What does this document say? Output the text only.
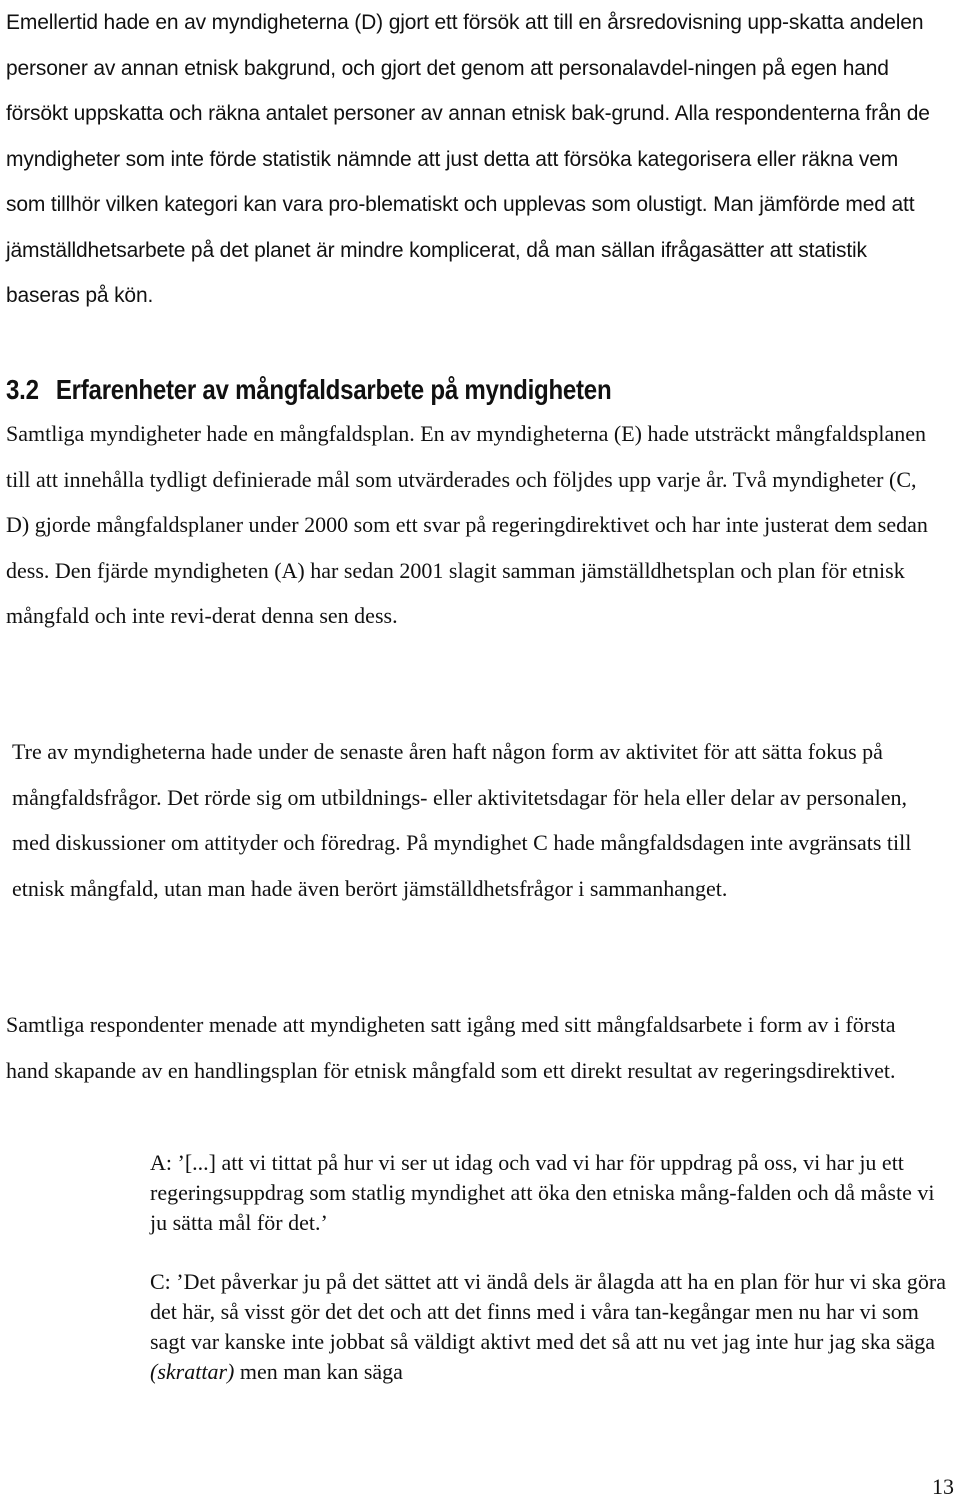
Emellertid hade en av myndigheterna (D) gjort ett försök att till en årsredovisning upp-skatta andelen personer av annan etnisk bakgrund, och gjort det genom att personalavdel-ningen på egen hand försökt uppskatta och räkna antalet personer av annan etnisk bak-grund. Alla respondenterna från de myndigheter som inte förde statistik nämnde att just detta att försöka kategorisera eller räkna vem som tillhör vilken kategori kan vara pro-blematiskt och upplevas som olustigt. Man jämförde med att jämställdhetsarbete på det planet är mindre komplicerat, då man sällan ifrågasätter att statistik baseras på kön.

3.2 Erfarenheter av mångfaldsarbete på myndigheten

Samtliga myndigheter hade en mångfaldsplan. En av myndigheterna (E) hade utsträckt mångfaldsplanen till att innehålla tydligt definierade mål som utvärderades och följdes upp varje år. Två myndigheter (C, D) gjorde mångfaldsplaner under 2000 som ett svar på regeringdirektivet och har inte justerat dem sedan dess. Den fjärde myndigheten (A) har sedan 2001 slagit samman jämställdhetsplan och plan för etnisk mångfald och inte revi-derat denna sen dess.

Tre av myndigheterna hade under de senaste åren haft någon form av aktivitet för att sätta fokus på mångfaldsfrågor. Det rörde sig om utbildnings- eller aktivitetsdagar för hela eller delar av personalen, med diskussioner om attityder och föredrag. På myndighet C hade mångfaldsdagen inte avgränsats till etnisk mångfald, utan man hade även berört jämställdhetsfrågor i sammanhanget.

Samtliga respondenter menade att myndigheten satt igång med sitt mångfaldsarbete i form av i första hand skapande av en handlingsplan för etnisk mångfald som ett direkt resultat av regeringsdirektivet.

A: ’[...] att vi tittat på hur vi ser ut idag och vad vi har för uppdrag på oss, vi har ju ett regeringsuppdrag som statlig myndighet att öka den etniska mång-falden och då måste vi ju sätta mål för det.’

C: ’Det påverkar ju på det sättet att vi ändå dels är ålagda att ha en plan för hur vi ska göra det här, så visst gör det det och att det finns med i våra tan-kegångar men nu har vi som sagt var kanske inte jobbat så väldigt aktivt med det så att nu vet jag inte hur jag ska säga (skrattar) men man kan säga

13
